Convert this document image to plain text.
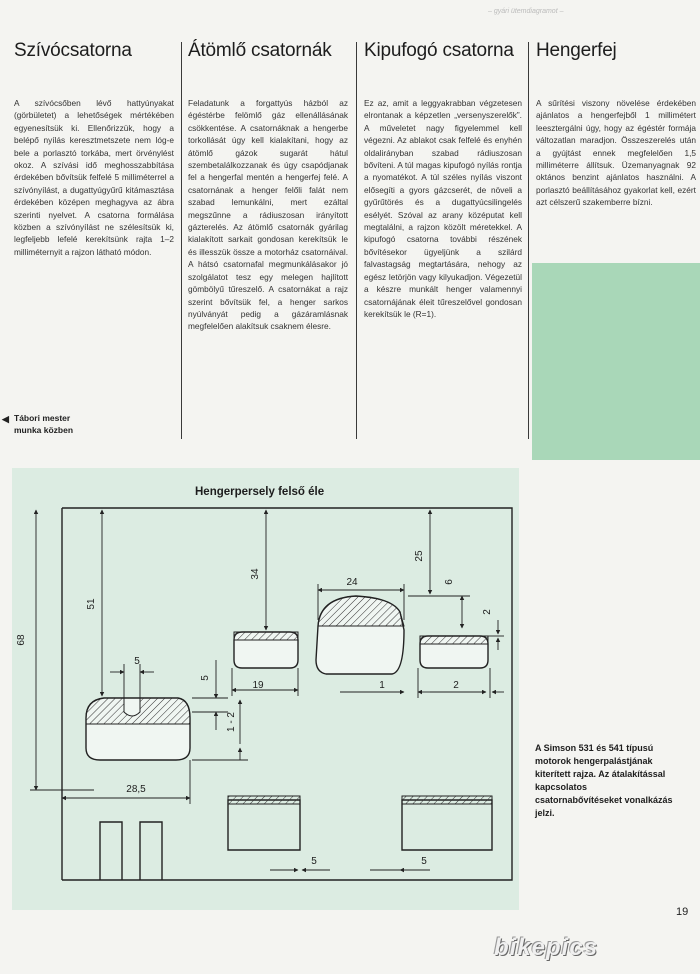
– gyári ütemdiagramot –
Szívócsatorna

A szívócsőben lévő hattyúnyakat (görbületet) a lehetőségek mértékében egyenesítsük ki. Ellenőrizzük, hogy a belépő nyílás keresztmetszete nem lóg-e bele a porlasztó torkába, mert örvénylést okoz. A szívási idő meghosszabbítása érdekében bővítsük felfelé 5 milliméterrel a szívónyílást, a dugattyúgyűrű kitámasztása érdekében középen meghagyva az ábra szerinti nyelvet. A csatorna formálása közben a szívónyílást ne szélesítsük ki, legfeljebb lefelé kerekítsünk rajta 1–2 milliméternyit a rajzon látható módon.

Átömlő csatornák

Feladatunk a forgattyús házból az égéstérbe felömlő gáz ellenállásának csökkentése. A csatornáknak a hengerbe torkollását úgy kell kialakítani, hogy az átömlő gázok sugarát hátul szembetalálkozzanak és úgy csapódjanak fel a hengerfal mentén a hengerfej felé. A csatornának a henger felőli falát nem szabad lemunkálni, mert ezáltal megszűnne a rádiuszosan irányított gázterelés. Az átömlő csatornák gyárilag kialakított sarkait gondosan kerekítsük le és illesszük össze a motorház csatornáival. A hátsó csatornafal megmunkálásakor jó szolgálatot tesz egy melegen hajlított gömbölyű tűreszelő. A csatornákat a rajz szerint bővítsük fel, a henger sarkos nyúlványát pedig a gázáramlásnak megfelelően alakítsuk csaknem élesre.

Kipufogó csatorna

Ez az, amit a leggyakrabban végzetesen elrontanak a képzetlen „versenyszerelők”. A műveletet nagy figyelemmel kell végezni. Az ablakot csak felfelé és enyhén oldalirányban szabad rádiuszosan bővíteni. A túl magas kipufogó nyílás rontja a nyomatékot. A túl széles nyílás viszont elősegíti a gyors gázcserét, de növeli a gyűrűtörés és a dugattyúcsilingelés esélyét. Szóval az arany középutat kell megtalálni, a rajzon közölt méretekkel. A kipufogó csatorna további részének bővítésekor ügyeljünk a szilárd falvastagság megtartására, nehogy az egész letörjön vagy kilyukadjon. Végezetül a készre munkált henger valamennyi csatornájának éleit tűreszelővel gondosan kerekítsük le (R=1).

Hengerfej

A sűrítési viszony növelése érdekében ajánlatos a hengerfejből 1 millimétert leesztergálni úgy, hogy az égéstér formája változatlan maradjon. Összeszerelés után a gyújtást ennek megfelelően 1,5 milliméterre állítsuk. Üzemanyagnak 92 oktános benzint ajánlatos használni. A porlasztó beállításához gyakorlat kell, ezért azt célszerű szakemberre bízni.

◀ Tábori mester munka közben
68
51
34
25
24	6
2
5
5
19	1	2
1 - 2
28,5
5	5
Hengerpersely felső éle
A Simson 531 és 541 típusú motorok hengerpalástjának kiterített rajza. Az átalakítással kapcsolatos csatornabővítéseket vonalkázás jelzi.
19
bikepics
